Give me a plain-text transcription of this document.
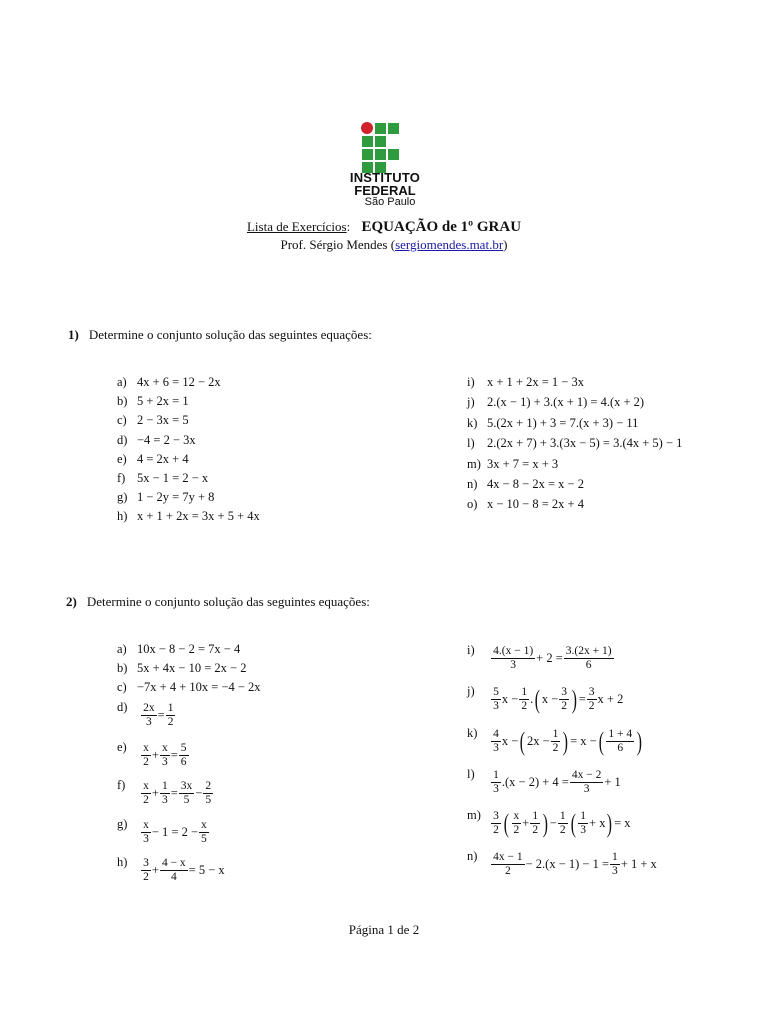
INSTITUTO
FEDERAL
São Paulo
Lista de Exercícios: EQUAÇÃO de 1º GRAU
Prof. Sérgio Mendes (sergiomendes.mat.br)
1) Determine o conjunto solução das seguintes equações:
a) 4x + 6 = 12 − 2x
b) 5 + 2x = 1
c) 2 − 3x = 5
d) −4 = 2 − 3x
e) 4 = 2x + 4
f) 5x − 1 = 2 − x
g) 1 − 2y = 7y + 8
h) x + 1 + 2x = 3x + 5 + 4x
i) x + 1 + 2x = 1 − 3x
j) 2.(x − 1) + 3.(x + 1) = 4.(x + 2)
k) 5.(2x + 1) + 3 = 7.(x + 3) − 11
l) 2.(2x + 7) + 3.(3x − 5) = 3.(4x + 5) − 1
m) 3x + 7 = x + 3
n) 4x − 8 − 2x = x − 2
o) x − 10 − 8 = 2x + 4
2) Determine o conjunto solução das seguintes equações:
a) 10x − 8 − 2 = 7x − 4
b) 5x + 4x − 10 = 2x − 2
c) −7x + 4 + 10x = −4 − 2x
$d) \frac{2x}{3} = \frac{1}{2}$
$e) \frac{x}{2} + \frac{x}{3} = \frac{5}{6}$
$f) \frac{x}{2} + \frac{1}{3} = \frac{3x}{5} - \frac{2}{5}$
$g) \frac{x}{3} - 1$
= $2 - \frac{x}{5}$
$h) \frac{3}{2} + \frac{4 - x}{4} = 5 - x$
$i) \frac{4.(x - 1)}{3} + 2 = \frac{3.(2x + 1)}{6}$
$j) \frac{5}{3}$ $x - \frac{1}{2}$ . ( $x - \frac{3}{2}$ ) = $\frac{3}{2}$ x + 2
$k) \frac{4}{3}$ x − ( $2x - \frac{1}{2}$ ) = x − ( $\frac{1 + 4}{6}$ )
$l) \frac{1}{3} .(x - 2) + 4 = \frac{4x - 2}{3} + 1$
$m) \frac{3}{2}$ ( $\frac{x}{2} + \frac{1}{2}$ ) − $\frac{1}{2}$ ( $\frac{1}{3} + x$ ) = x
$n) \frac{4x - 1}{2} - 2.(x - 1) - 1 = \frac{1}{3} + 1 + x$
Página 1 de 2
